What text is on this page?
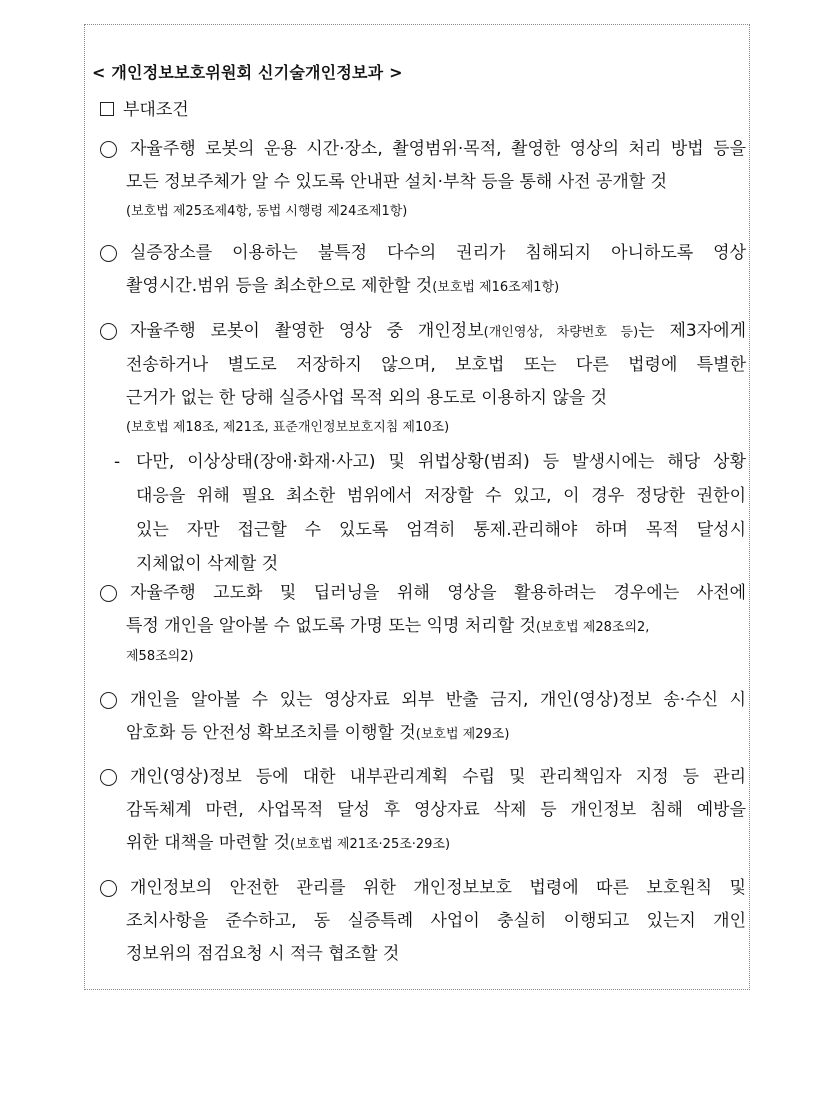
< 개인정보보호위원회 신기술개인정보과 >
부대조건
자율주행 로봇의 운용 시간·장소, 촬영범위·목적, 촬영한 영상의 처리 방법 등을
모든 정보주체가 알 수 있도록 안내판 설치·부착 등을 통해 사전 공개할 것
(보호법 제25조제4항, 동법 시행령 제24조제1항)
실증장소를 이용하는 불특정 다수의 권리가 침해되지 아니하도록 영상
촬영시간.범위 등을 최소한으로 제한할 것(보호법 제16조제1항)
자율주행 로봇이 촬영한 영상 중 개인정보(개인영상, 차량번호 등)는 제3자에게
전송하거나 별도로 저장하지 않으며, 보호법 또는 다른 법령에 특별한
근거가 없는 한 당해 실증사업 목적 외의 용도로 이용하지 않을 것
(보호법 제18조, 제21조, 표준개인정보보호지침 제10조)
- 다만, 이상상태(장애·화재·사고) 및 위법상황(범죄) 등 발생시에는 해당 상황
대응을 위해 필요 최소한 범위에서 저장할 수 있고, 이 경우 정당한 권한이
있는 자만 접근할 수 있도록 엄격히 통제.관리해야 하며 목적 달성시
지체없이 삭제할 것
자율주행 고도화 및 딥러닝을 위해 영상을 활용하려는 경우에는 사전에
특정 개인을 알아볼 수 없도록 가명 또는 익명 처리할 것(보호법 제28조의2,
제58조의2)
개인을 알아볼 수 있는 영상자료 외부 반출 금지, 개인(영상)정보 송·수신 시
암호화 등 안전성 확보조치를 이행할 것(보호법 제29조)
개인(영상)정보 등에 대한 내부관리계획 수립 및 관리책임자 지정 등 관리
감독체계 마련, 사업목적 달성 후 영상자료 삭제 등 개인정보 침해 예방을
위한 대책을 마련할 것(보호법 제21조·25조·29조)
개인정보의 안전한 관리를 위한 개인정보보호 법령에 따른 보호원칙 및
조치사항을 준수하고, 동 실증특례 사업이 충실히 이행되고 있는지 개인
정보위의 점검요청 시 적극 협조할 것
